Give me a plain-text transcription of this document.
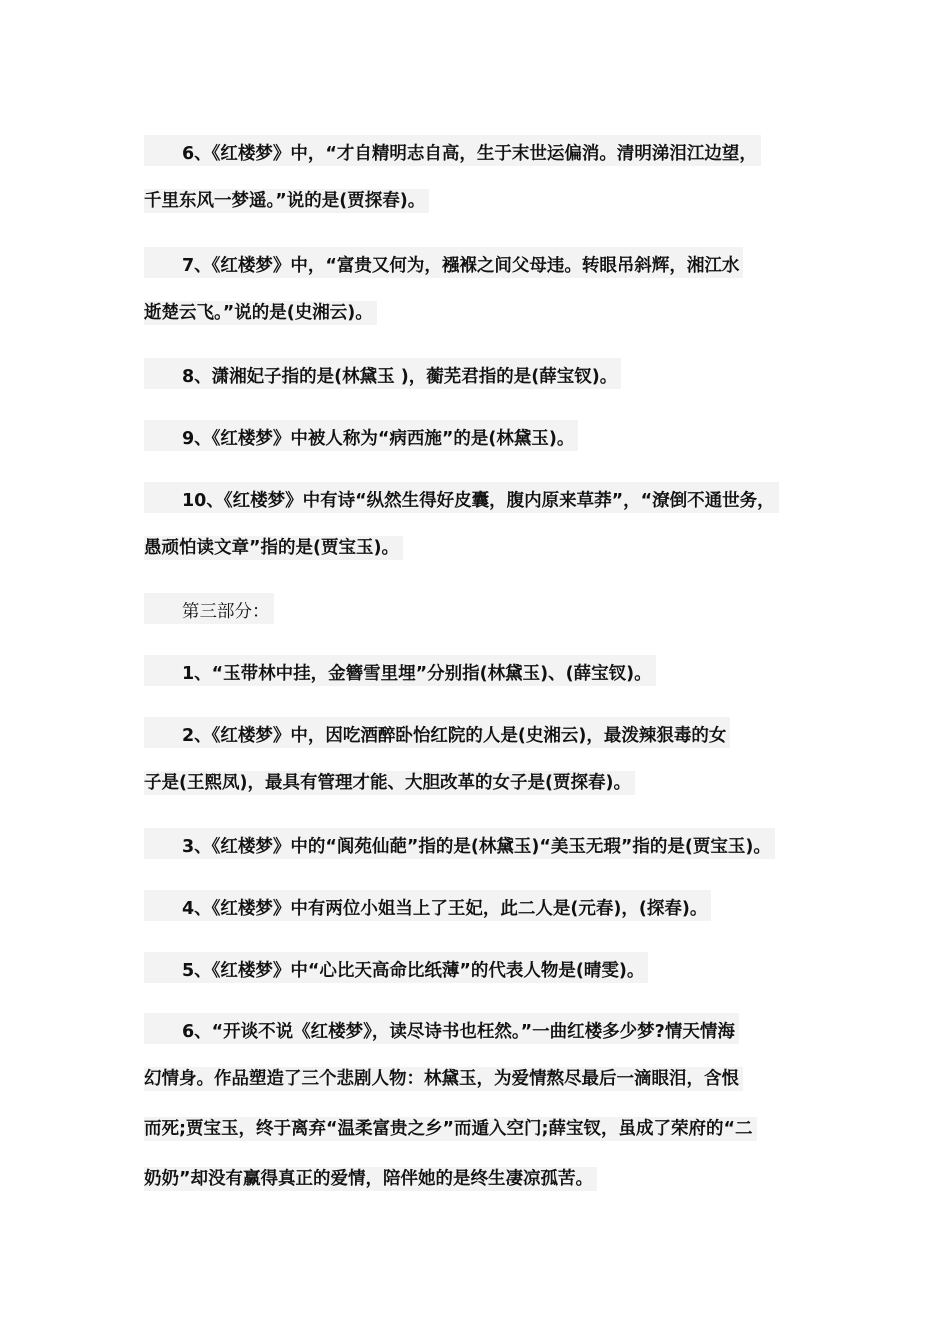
6、《红楼梦》中，“才自精明志自高，生于末世运偏消。清明涕泪江边望，
千里东风一梦遥。”说的是(贾探春)。
7、《红楼梦》中，“富贵又何为，襁褓之间父母违。转眼吊斜辉，湘江水
逝楚云飞。”说的是(史湘云)。
8、潇湘妃子指的是(林黛玉 )，蘅芜君指的是(薛宝钗)。
9、《红楼梦》中被人称为“病西施”的是(林黛玉)。
10、《红楼梦》中有诗“纵然生得好皮囊，腹内原来草莽”，“潦倒不通世务，
愚顽怕读文章”指的是(贾宝玉)。
第三部分：
1、“玉带林中挂，金簪雪里埋”分别指(林黛玉)、(薛宝钗)。
2、《红楼梦》中，因吃酒醉卧怡红院的人是(史湘云)，最泼辣狠毒的女
子是(王熙凤)，最具有管理才能、大胆改革的女子是(贾探春)。
3、《红楼梦》中的“阆苑仙葩”指的是(林黛玉)“美玉无瑕”指的是(贾宝玉)。
4、《红楼梦》中有两位小姐当上了王妃，此二人是(元春)，(探春)。
5、《红楼梦》中“心比天高命比纸薄”的代表人物是(晴雯)。
6、“开谈不说《红楼梦》，读尽诗书也枉然。”一曲红楼多少梦?情天情海
幻情身。作品塑造了三个悲剧人物：林黛玉，为爱情熬尽最后一滴眼泪，含恨
而死;贾宝玉，终于离弃“温柔富贵之乡”而遁入空门;薛宝钗，虽成了荣府的“二
奶奶”却没有赢得真正的爱情，陪伴她的是终生凄凉孤苦。
